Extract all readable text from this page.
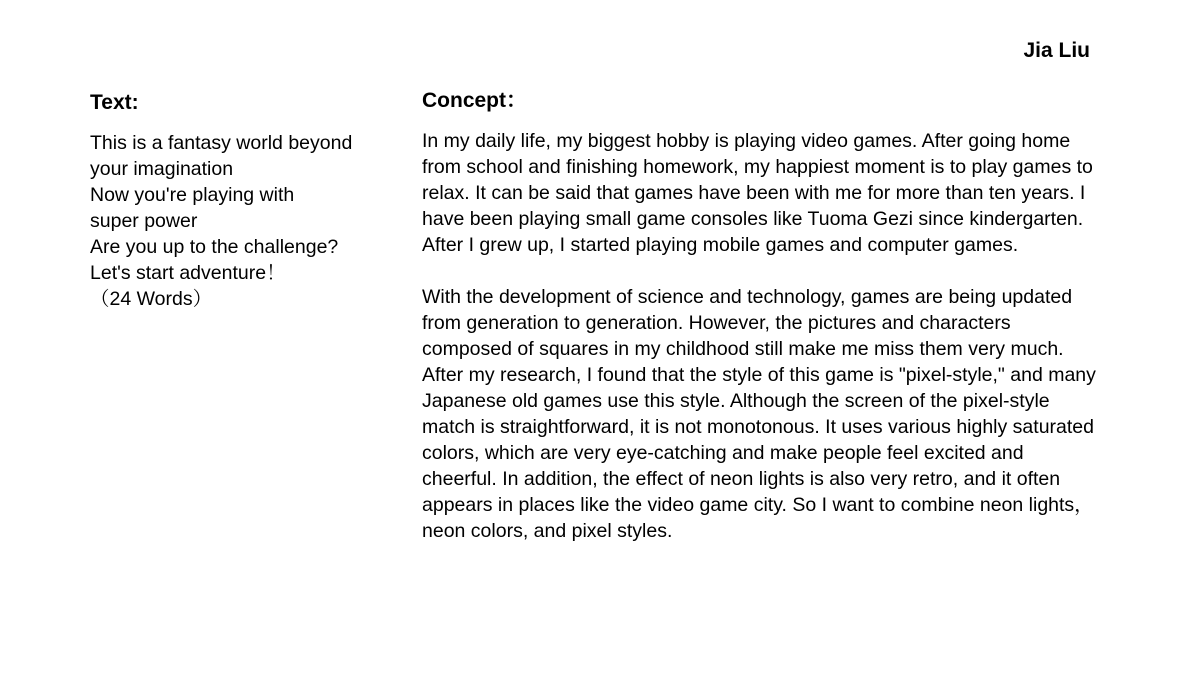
Jia Liu
Text:
This is a fantasy world beyond
your imagination
Now you're playing with
super power
Are you up to the challenge?
Let's start adventure！
（24 Words）
Concept：

In my daily life, my biggest hobby is playing video games. After going home from school and finishing homework, my happiest moment is to play games to relax. It can be said that games have been with me for more than ten years. I have been playing small game consoles like Tuoma Gezi since kindergarten. After I grew up, I started playing mobile games and computer games.

With the development of science and technology, games are being updated from generation to generation. However, the pictures and characters composed of squares in my childhood still make me miss them very much. After my research, I found that the style of this game is "pixel-style," and many Japanese old games use this style. Although the screen of the pixel-style match is straightforward, it is not monotonous. It uses various highly saturated colors, which are very eye-catching and make people feel excited and cheerful. In addition, the effect of neon lights is also very retro, and it often appears in places like the video game city. So I want to combine neon lights，neon colors, and pixel styles.
